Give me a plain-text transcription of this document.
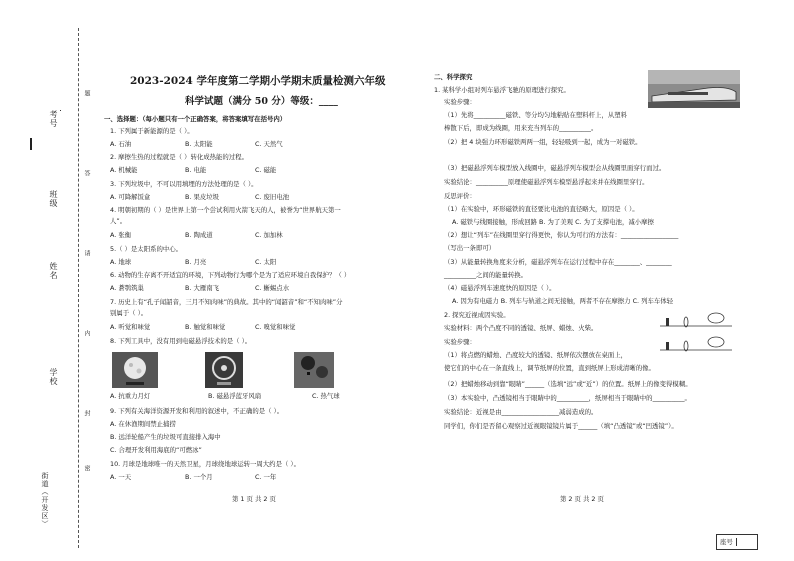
考号
班级
姓名
学校
街道（开发区）
题
答
请
内
封
密
2023-2024 学年度第二学期小学期末质量检测六年级
科学试题（满分 50 分）等级：____
一、选择题：（每小题只有一个正确答案，将答案填写在括号内）
1. 下列属于新能源的是（ ）。
A. 石油	B. 太阳能	C. 天然气
2. 摩擦生热的过程就是（ ）转化成热能的过程。
A. 机械能	B. 电能	C. 磁能
3. 下列垃圾中，不可以用填埋的方法处理的是（ ）。
A. 可降解饭盒	B. 果皮垃圾	C. 废旧电池
4. 明朝初期的（ ）是世界上第一个尝试利用火箭飞天的人，被誉为“世界航天第一
人”。
A. 张衡	B. 陶成道	C. 加加林
5.（ ）是太阳系的中心。
A. 地球	B. 月亮	C. 太阳
6. 动物的生存离不开适宜的环境，下列动物行为哪个是为了适应环境自我保护？（ ）
A. 蒼鹗筑巢	B. 大雁南飞	C. 蜥蜴点水
7. 历史上有“孔子闻韶音，三月不知肉味”的典故。其中的“闻韶音”和“不知肉味”分
别属于（ ）。
A. 听觉和味觉	B. 触觉和味觉	C. 嗅觉和味觉
8. 下列工具中，没有用到电磁悬浮技术的是（ ）。
A. 抗重力月灯	B. 磁悬浮蓝牙风扇	C. 热气球
9. 下列有关海洋资源开发和利用的叙述中，不正确的是（ ）。
A. 在休渔期间禁止捕捞
B. 远洋轮船产生的垃圾可直接排入海中
C. 合理开发利用海底的“可燃冰”
10. 月球是地球唯一的天然卫星，月球绕地球运转一周大约是（ ）。
A. 一天	B. 一个月	C. 一年
第 1 页 共 2 页
二、科学探究
1. 某科学小组对列车悬浮飞驰的原理进行探究。
实验步骤：
（1）先将__________磁铁、等分均匀地粘贴在塑料杆上，从塑料
棒散下后，即成为线圈，用来充当列车的__________。
（2）把 4 块强力环形磁铁两两一组，轻轻吸到一起，成为一对磁铁。
（3）把磁悬浮列车模型放入线圈中，磁悬浮列车模型会从线圈里面穿行而过。
实验结论：__________原理使磁悬浮列车模型悬浮起来并在线圈里穿行。
反思评价：
（1）在实验中，环形磁铁的直径要比电池的直径略大，原因是（ ）。
A. 磁铁与线圈接触，形成回路 B. 为了美观 C. 为了支撑电池，减小摩擦
（2）想让“列车”在线圈里穿行得更快，你认为可行的方法有：__________________
（写出一条即可）
（3）从能量转换角度来分析，磁悬浮列车在运行过程中存在________、________
__________之间的能量转换。
（4）磁悬浮列车速度快的原因是（ ）。
A. 因为有电磁力 B. 列车与轨道之间无接触，两者不存在摩擦力 C. 列车车体轻
2. 探究近视成因实验。
实验材料：两个凸度不同的透镜、纸屏、蜡烛、火柴。
实验步骤：
（1）将点燃的蜡烛、凸度较大的透镜、纸屏依次摆放在桌面上，
使它们的中心在一条直线上，调节纸屏的位置，直到纸屏上形成清晰的像。
（2）把蜡烛移动到靠“眼睛”______（选填“远”或“近”）的位置。纸屏上的像变得模糊。
（3）本实验中，凸透镜相当于眼睛中的__________，纸屏相当于眼睛中的__________。
实验结论：近视是由__________________减弱造成的。
同学们，你们是否留心观察过近视眼镜镜片属于______（填“凸透镜”或“凹透镜”）。
第 2 页 共 2 页
座号
